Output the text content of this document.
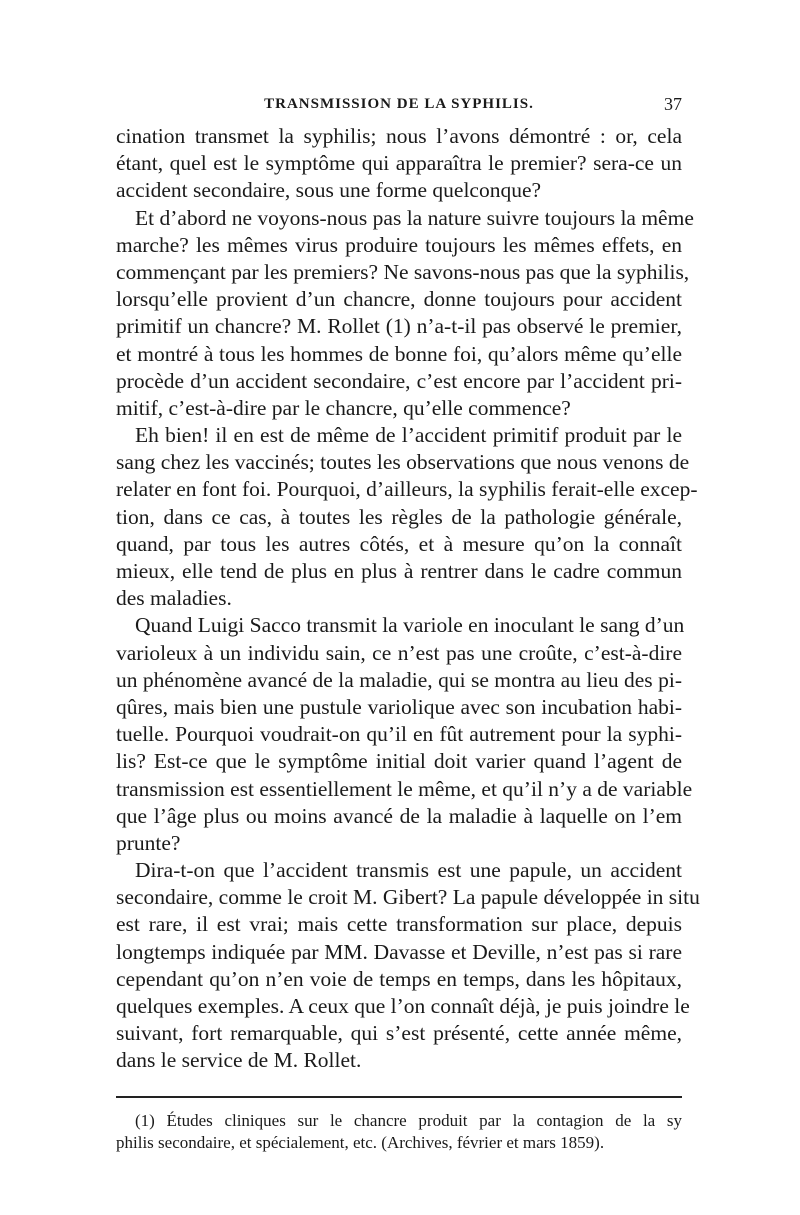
TRANSMISSION DE LA SYPHILIS.	37
cination transmet la syphilis; nous l’avons démontré : or, cela
étant, quel est le symptôme qui apparaîtra le premier? sera-ce un
accident secondaire, sous une forme quelconque?
Et d’abord ne voyons-nous pas la nature suivre toujours la même
marche? les mêmes virus produire toujours les mêmes effets, en
commençant par les premiers? Ne savons-nous pas que la syphilis,
lorsqu’elle provient d’un chancre, donne toujours pour accident
primitif un chancre? M. Rollet (1) n’a-t-il pas observé le premier,
et montré à tous les hommes de bonne foi, qu’alors même qu’elle
procède d’un accident secondaire, c’est encore par l’accident pri-
mitif, c’est-à-dire par le chancre, qu’elle commence?
Eh bien! il en est de même de l’accident primitif produit par le
sang chez les vaccinés; toutes les observations que nous venons de
relater en font foi. Pourquoi, d’ailleurs, la syphilis ferait-elle excep-
tion, dans ce cas, à toutes les règles de la pathologie générale,
quand, par tous les autres côtés, et à mesure qu’on la connaît
mieux, elle tend de plus en plus à rentrer dans le cadre commun
des maladies.
Quand Luigi Sacco transmit la variole en inoculant le sang d’un
varioleux à un individu sain, ce n’est pas une croûte, c’est-à-dire
un phénomène avancé de la maladie, qui se montra au lieu des pi-
qûres, mais bien une pustule variolique avec son incubation habi-
tuelle. Pourquoi voudrait-on qu’il en fût autrement pour la syphi-
lis? Est-ce que le symptôme initial doit varier quand l’agent de
transmission est essentiellement le même, et qu’il n’y a de variable
que l’âge plus ou moins avancé de la maladie à laquelle on l’em
prunte?
Dira-t-on que l’accident transmis est une papule, un accident
secondaire, comme le croit M. Gibert? La papule développée in situ
est rare, il est vrai; mais cette transformation sur place, depuis
longtemps indiquée par MM. Davasse et Deville, n’est pas si rare
cependant qu’on n’en voie de temps en temps, dans les hôpitaux,
quelques exemples. A ceux que l’on connaît déjà, je puis joindre le
suivant, fort remarquable, qui s’est présenté, cette année même,
dans le service de M. Rollet.
(1) Études cliniques sur le chancre produit par la contagion de la sy
philis secondaire, et spécialement, etc. (Archives, février et mars 1859).
